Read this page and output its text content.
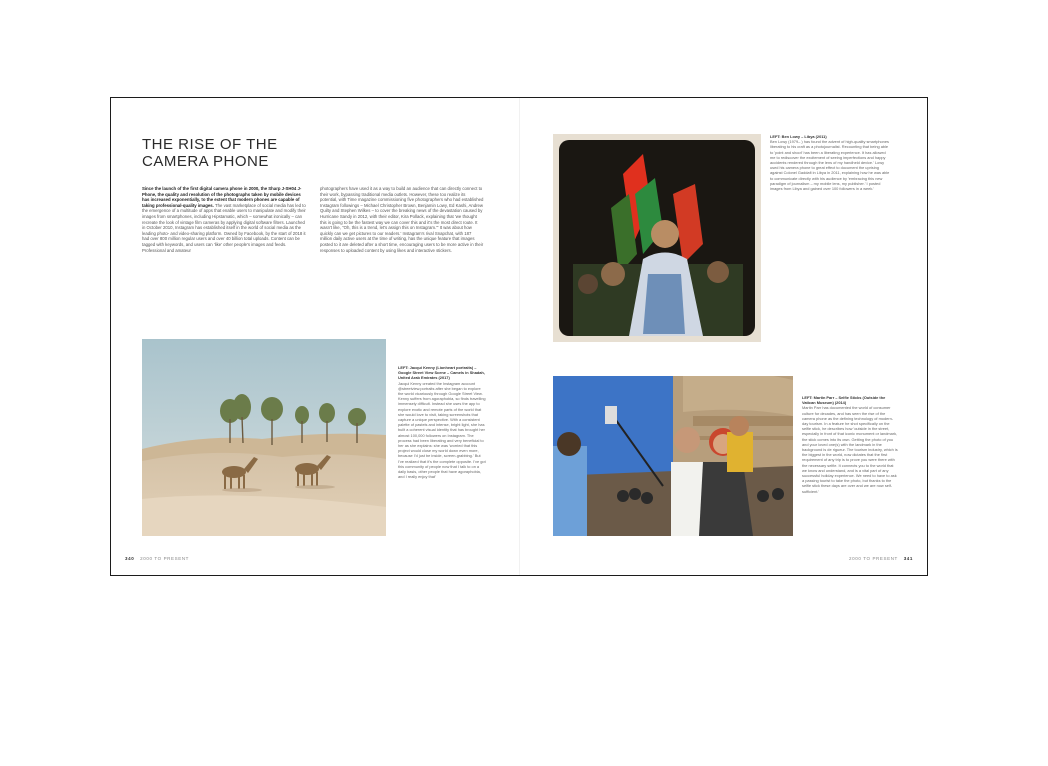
THE RISE OF THE
CAMERA PHONE
Since the launch of the first digital camera phone in 2000, the Sharp J-SH04 J-Phone, the quality and resolution of the photographs taken by mobile devices has increased exponentially, to the extent that modern phones are capable of taking professional-quality images. The vast marketplace of social media has led to the emergence of a multitude of apps that enable users to manipulate and modify their images from smartphones, including Hipstamatic, which – somewhat ironically – can recreate the look of vintage film cameras by applying digital software filters. Launched in October 2010, Instagram has established itself in the world of social media as the leading photo- and video-sharing platform. Owned by Facebook, by the start of 2018 it had over 800 million regular users and over 40 billion total uploads. Content can be tagged with keywords, and users can 'like' other people's images and feeds. Professional and amateur
photographers have used it as a way to build an audience that can directly connect to their work, bypassing traditional media outlets. However, these too realize its potential, with Time magazine commissioning five photographers who had established Instagram followings – Michael Christopher Brown, Benjamin Lowy, Ed Kashi, Andrew Quilty and Stephen Wilkes – to cover the breaking news of the devastation caused by Hurricane Sandy in 2012, with their editor, Kira Pollack, explaining that 'we thought this is going to be the fastest way we can cover this and it's the most direct route. It wasn't like, "Oh, this is a trend, let's assign this on Instagram."' It was about how quickly can we get pictures to our readers.' Instagram's rival Snapchat, with 187 million daily active users at the time of writing, has the unique feature that images posted to it are deleted after a short time, encouraging users to be more active in their responses to uploaded content by using likes and interactive stickers.
LEFT: Jacqui Kenny (Lionheart portraits) – Google Street View Scene – Camels in Shadah, United Arab Emirates (2017)
Jacqui Kenny created the Instagram account @streetview.portraits after she began to explore the world vicariously through Google Street View. Kenny suffers from agoraphobia, so finds travelling immensely difficult. Instead she uses the app to explore exotic and remote parts of the world that she would love to visit, taking screenshots that capture a unique perspective. With a consistent palette of pastels and intense, bright light, she has built a coherent visual identity that has brought her almost 100,000 followers on Instagram. The process had been liberating and very beneficial to her as she explains: she was 'worried that this project would close my world down even more, because I'd just be inside, screen-grabbing.' But I've realized that it's the complete opposite. I've got this community of people now that I talk to on a daily basis, other people that have agoraphobia, and I really enjoy that'
340 2000 TO PRESENT
LEFT: Ben Lowy – Libya (2011)
Ben Lowy (1979– ) has found the advent of high-quality smartphones liberating to his craft as a photojournalist. Recounting that being able to 'point and shoot' has been a liberating experience. It has allowed me to rediscover the excitement of seeing imperfections and happy accidents rendered through the lens of my handheld device.' Lowy used his camera phone to great effect to document the uprising against Colonel Gaddafi in Libya in 2011, explaining how he was able to communicate directly with his audience by 'embracing this new paradigm of journalism – my mobile lens, my publisher.' I posted images from Libya and gained over 100 followers in a week.'
LEFT: Martin Parr – Selfie Sticks (Outside the Vatican Museum) (2014)
Martin Parr has documented the world of consumer culture for decades, and has seen the rise of the camera phone as the defining technology of modern-day tourism. In a feature he shot specifically on the selfie stick, he describes how 'outside in the street, especially in front of that iconic monument or landmark, the stick comes into its own. Getting the photo of you and your loved one(s) with the landmark in the background is de rigueur. The tourism industry, which is the biggest in the world, now dictates that the first requirement of any trip is to prove you were there with the necessary selfie. It connects you to the world that we know and understand, and is a vital part of any successful holiday experience. We need to have to ask a passing tourist to take the photo, but thanks to the selfie stick these days are over and we are now self-sufficient.'
2000 TO PRESENT 341
